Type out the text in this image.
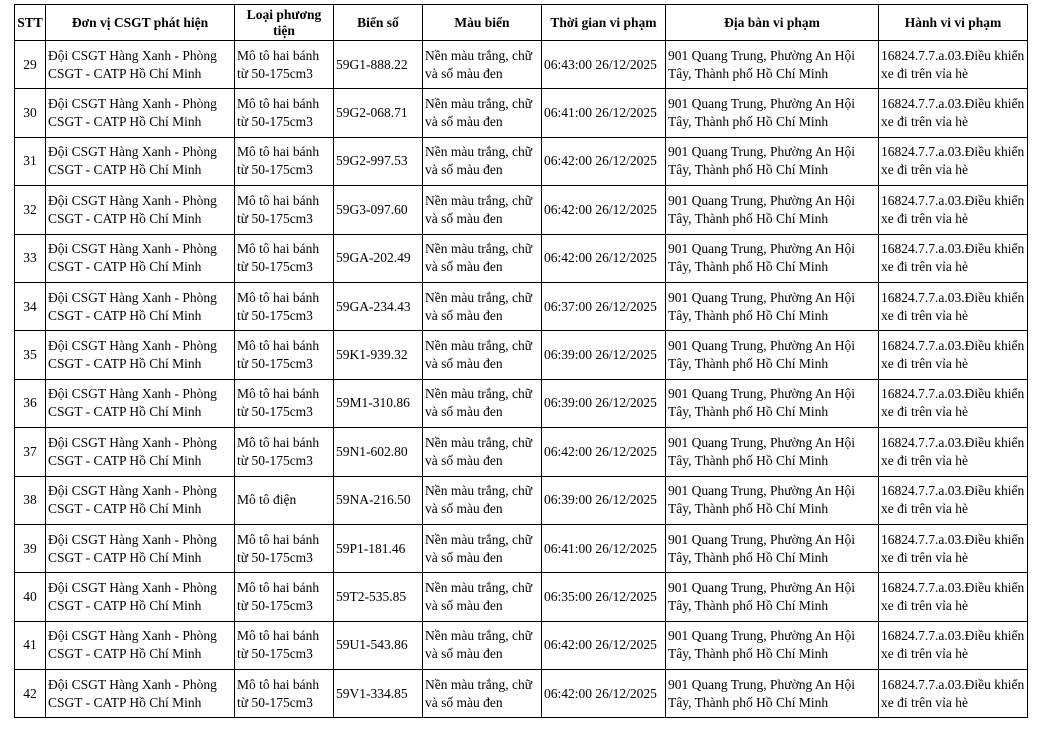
STT	Đơn vị CSGT phát hiện	Loại phương tiện	Biển số	Màu biển	Thời gian vi phạm	Địa bàn vi phạm	Hành vi vi phạm
29	Đội CSGT Hàng Xanh - Phòng CSGT - CATP Hồ Chí Minh	Mô tô hai bánh từ 50-175cm3	59G1-888.22	Nền màu trắng, chữ và số màu đen	06:43:00 26/12/2025	901 Quang Trung, Phường An Hội Tây, Thành phố Hồ Chí Minh	16824.7.7.a.03.Điều khiển xe đi trên vỉa hè
30	Đội CSGT Hàng Xanh - Phòng CSGT - CATP Hồ Chí Minh	Mô tô hai bánh từ 50-175cm3	59G2-068.71	Nền màu trắng, chữ và số màu đen	06:41:00 26/12/2025	901 Quang Trung, Phường An Hội Tây, Thành phố Hồ Chí Minh	16824.7.7.a.03.Điều khiển xe đi trên vỉa hè
31	Đội CSGT Hàng Xanh - Phòng CSGT - CATP Hồ Chí Minh	Mô tô hai bánh từ 50-175cm3	59G2-997.53	Nền màu trắng, chữ và số màu đen	06:42:00 26/12/2025	901 Quang Trung, Phường An Hội Tây, Thành phố Hồ Chí Minh	16824.7.7.a.03.Điều khiển xe đi trên vỉa hè
32	Đội CSGT Hàng Xanh - Phòng CSGT - CATP Hồ Chí Minh	Mô tô hai bánh từ 50-175cm3	59G3-097.60	Nền màu trắng, chữ và số màu đen	06:42:00 26/12/2025	901 Quang Trung, Phường An Hội Tây, Thành phố Hồ Chí Minh	16824.7.7.a.03.Điều khiển xe đi trên vỉa hè
33	Đội CSGT Hàng Xanh - Phòng CSGT - CATP Hồ Chí Minh	Mô tô hai bánh từ 50-175cm3	59GA-202.49	Nền màu trắng, chữ và số màu đen	06:42:00 26/12/2025	901 Quang Trung, Phường An Hội Tây, Thành phố Hồ Chí Minh	16824.7.7.a.03.Điều khiển xe đi trên vỉa hè
34	Đội CSGT Hàng Xanh - Phòng CSGT - CATP Hồ Chí Minh	Mô tô hai bánh từ 50-175cm3	59GA-234.43	Nền màu trắng, chữ và số màu đen	06:37:00 26/12/2025	901 Quang Trung, Phường An Hội Tây, Thành phố Hồ Chí Minh	16824.7.7.a.03.Điều khiển xe đi trên vỉa hè
35	Đội CSGT Hàng Xanh - Phòng CSGT - CATP Hồ Chí Minh	Mô tô hai bánh từ 50-175cm3	59K1-939.32	Nền màu trắng, chữ và số màu đen	06:39:00 26/12/2025	901 Quang Trung, Phường An Hội Tây, Thành phố Hồ Chí Minh	16824.7.7.a.03.Điều khiển xe đi trên vỉa hè
36	Đội CSGT Hàng Xanh - Phòng CSGT - CATP Hồ Chí Minh	Mô tô hai bánh từ 50-175cm3	59M1-310.86	Nền màu trắng, chữ và số màu đen	06:39:00 26/12/2025	901 Quang Trung, Phường An Hội Tây, Thành phố Hồ Chí Minh	16824.7.7.a.03.Điều khiển xe đi trên vỉa hè
37	Đội CSGT Hàng Xanh - Phòng CSGT - CATP Hồ Chí Minh	Mô tô hai bánh từ 50-175cm3	59N1-602.80	Nền màu trắng, chữ và số màu đen	06:42:00 26/12/2025	901 Quang Trung, Phường An Hội Tây, Thành phố Hồ Chí Minh	16824.7.7.a.03.Điều khiển xe đi trên vỉa hè
38	Đội CSGT Hàng Xanh - Phòng CSGT - CATP Hồ Chí Minh	Mô tô điện	59NA-216.50	Nền màu trắng, chữ và số màu đen	06:39:00 26/12/2025	901 Quang Trung, Phường An Hội Tây, Thành phố Hồ Chí Minh	16824.7.7.a.03.Điều khiển xe đi trên vỉa hè
39	Đội CSGT Hàng Xanh - Phòng CSGT - CATP Hồ Chí Minh	Mô tô hai bánh từ 50-175cm3	59P1-181.46	Nền màu trắng, chữ và số màu đen	06:41:00 26/12/2025	901 Quang Trung, Phường An Hội Tây, Thành phố Hồ Chí Minh	16824.7.7.a.03.Điều khiển xe đi trên vỉa hè
40	Đội CSGT Hàng Xanh - Phòng CSGT - CATP Hồ Chí Minh	Mô tô hai bánh từ 50-175cm3	59T2-535.85	Nền màu trắng, chữ và số màu đen	06:35:00 26/12/2025	901 Quang Trung, Phường An Hội Tây, Thành phố Hồ Chí Minh	16824.7.7.a.03.Điều khiển xe đi trên vỉa hè
41	Đội CSGT Hàng Xanh - Phòng CSGT - CATP Hồ Chí Minh	Mô tô hai bánh từ 50-175cm3	59U1-543.86	Nền màu trắng, chữ và số màu đen	06:42:00 26/12/2025	901 Quang Trung, Phường An Hội Tây, Thành phố Hồ Chí Minh	16824.7.7.a.03.Điều khiển xe đi trên vỉa hè
42	Đội CSGT Hàng Xanh - Phòng CSGT - CATP Hồ Chí Minh	Mô tô hai bánh từ 50-175cm3	59V1-334.85	Nền màu trắng, chữ và số màu đen	06:42:00 26/12/2025	901 Quang Trung, Phường An Hội Tây, Thành phố Hồ Chí Minh	16824.7.7.a.03.Điều khiển xe đi trên vỉa hè
